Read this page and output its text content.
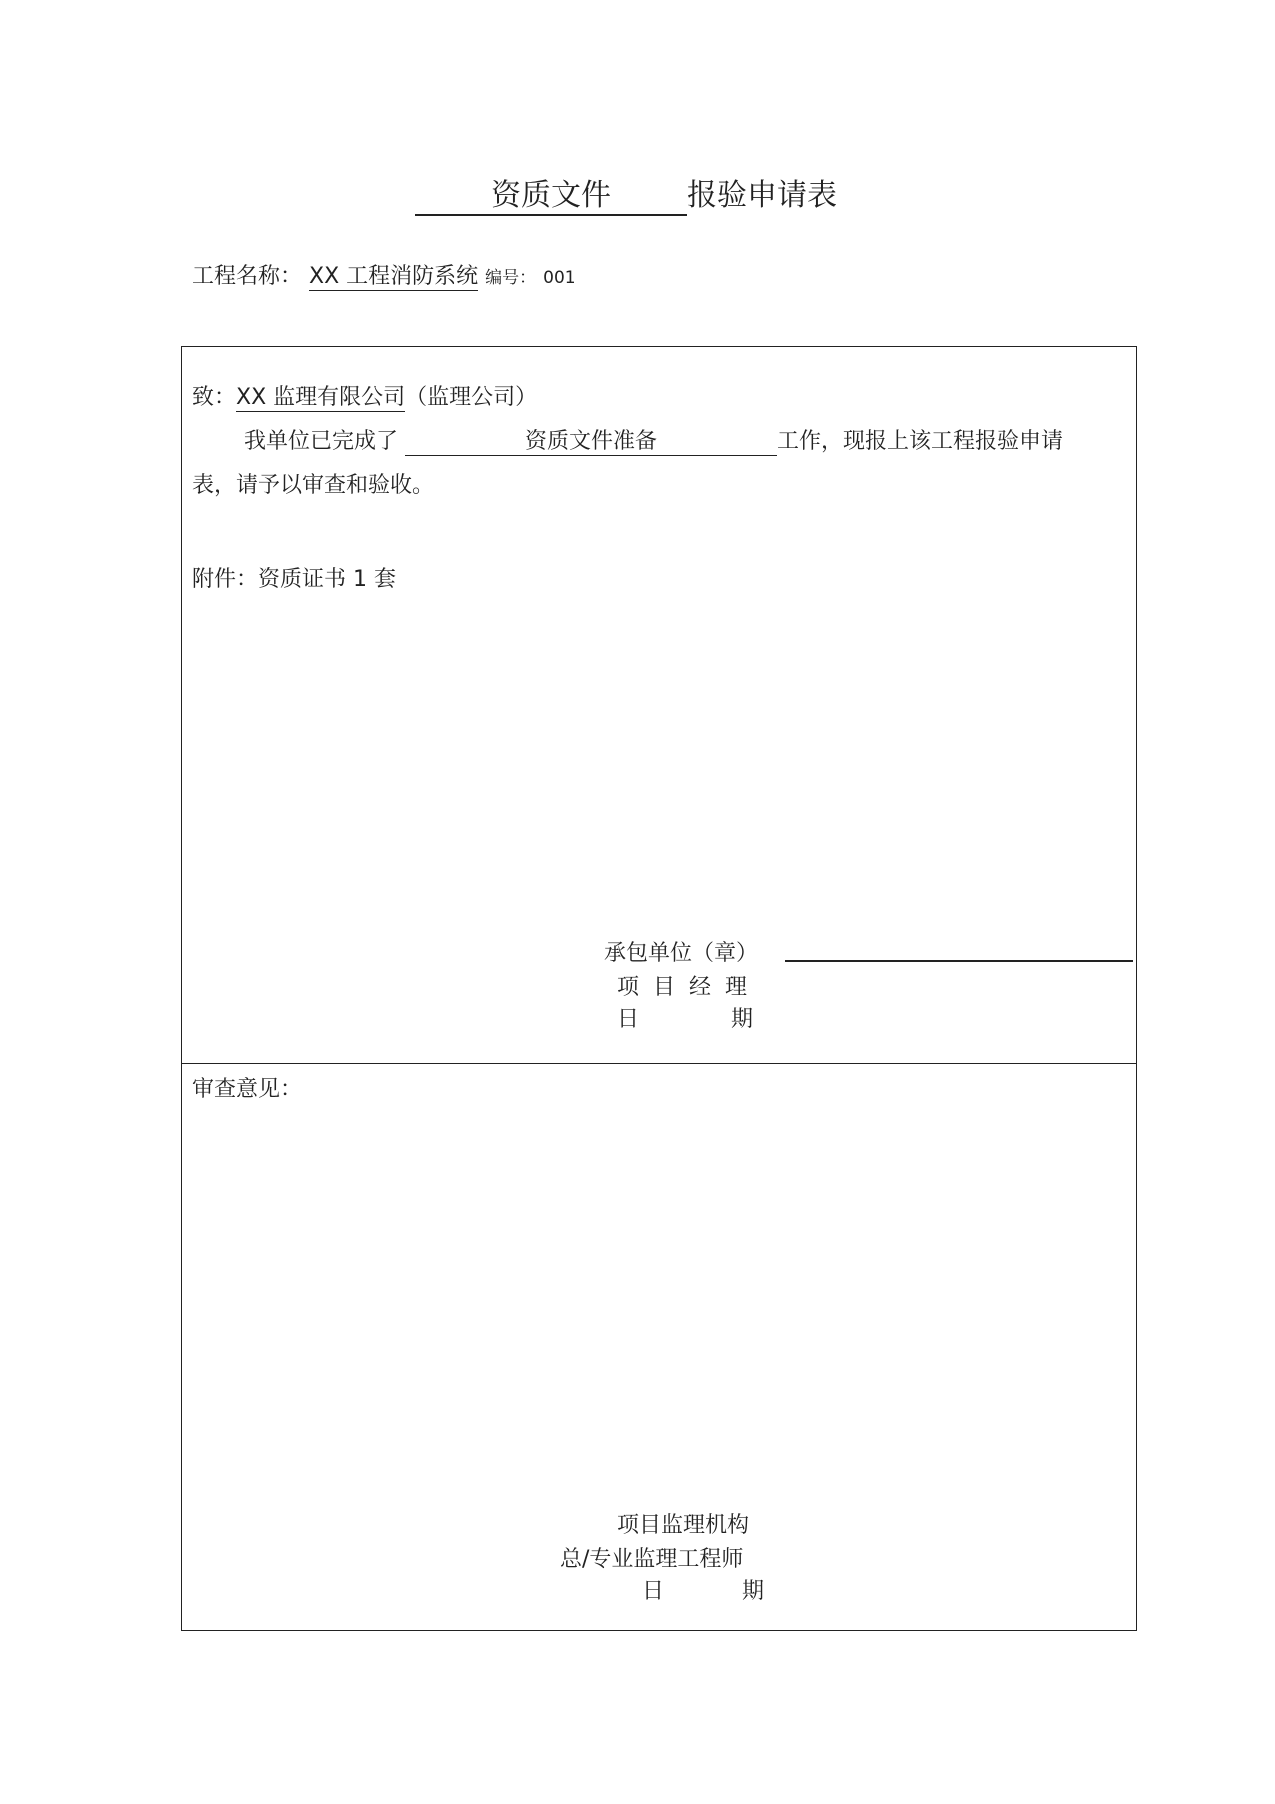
资质文件	报验申请表
工程名称： XX 工程消防系统 编号： 001
致：XX 监理有限公司（监理公司）
我单位已完成了	资质文件准备	工作，现报上该工程报验申请
表，请予以审查和验收。
附件：资质证书 1 套
承包单位（章）
项目经理
日	期
审查意见：
项目监理机构
总/专业监理工程师
日	期
